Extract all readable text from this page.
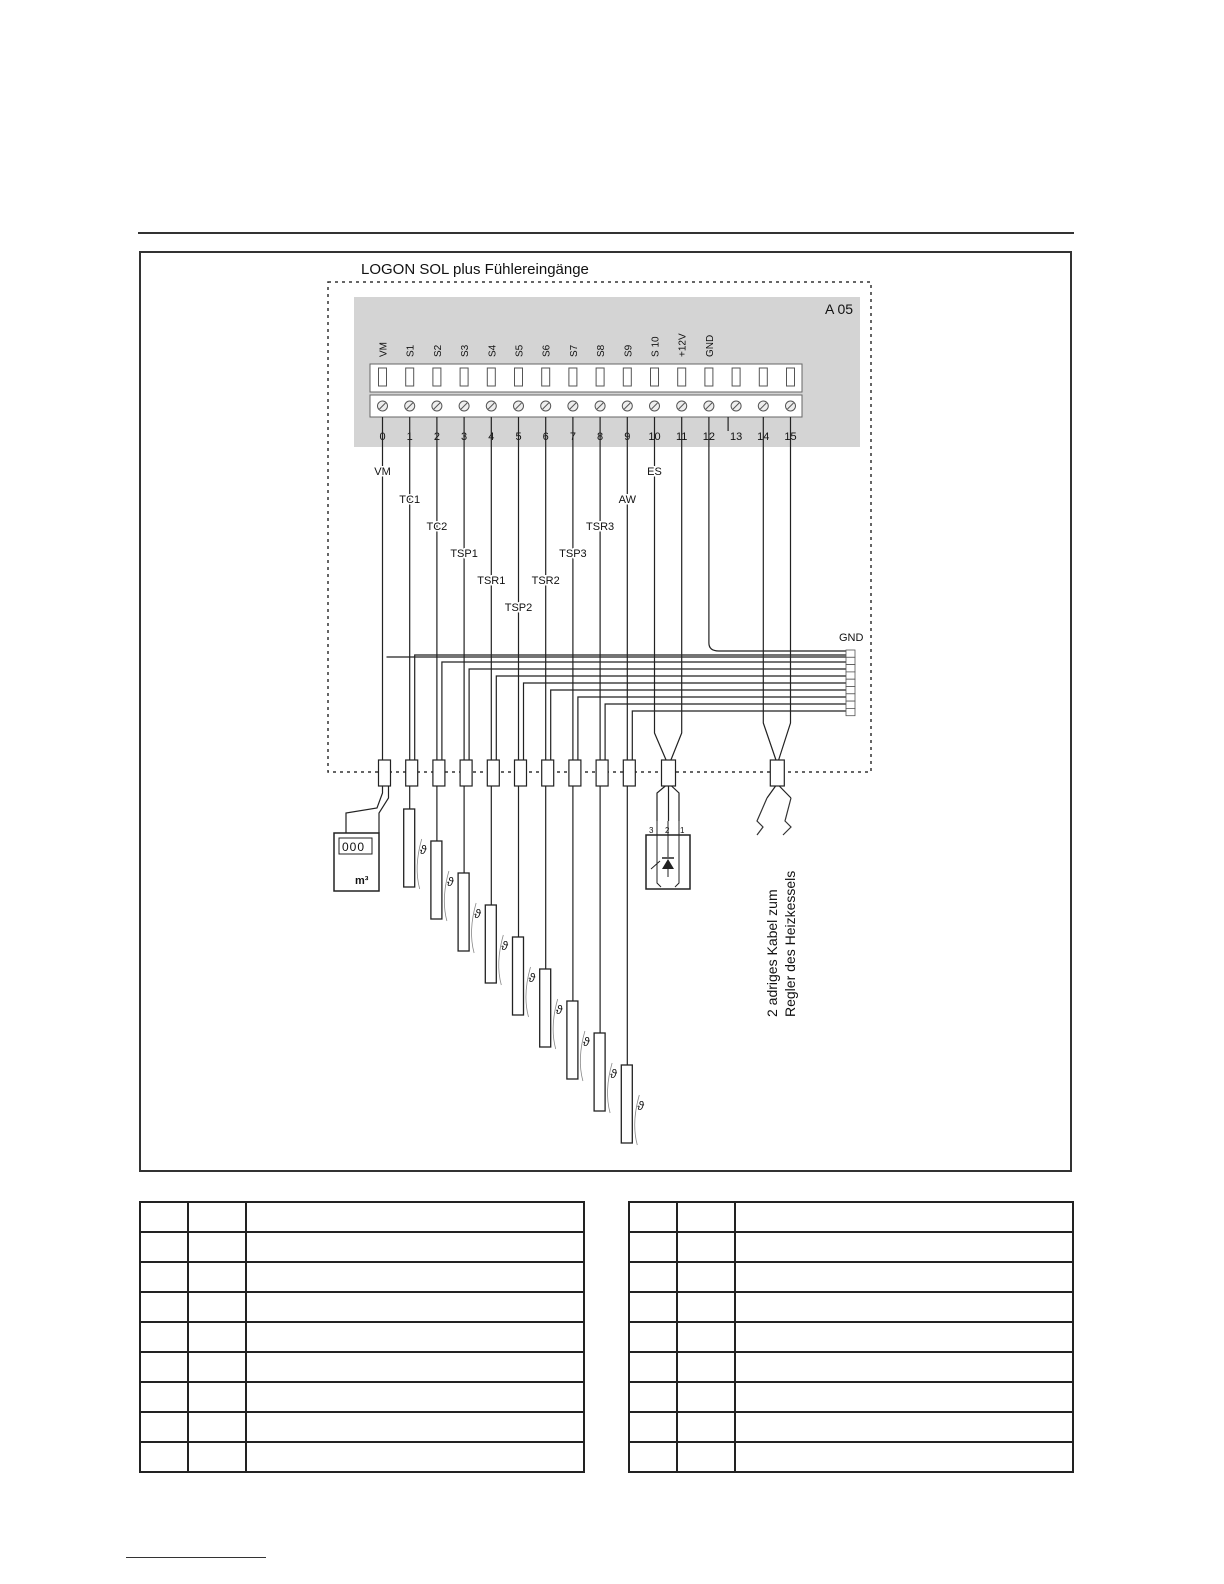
LOGON SOL plus Fühlereingänge
A 05
VM S1 S2 S3 S4 S5 S6 S7 S8 S9 S 10 +12V GND
0 1 2 3 4 5 6 7 8 9 10 11 12 13 14 15
VM
TC1
TC2
TSP1
TSR1
TSP2
TSR2
TSP3
TSR3
AW
ES
GND
000
m³
ϑ
ϑ
ϑ
ϑ
ϑ
ϑ
ϑ
ϑ
ϑ
3 2 1
2 adriges Kabel zum Regler des Heizkessels
